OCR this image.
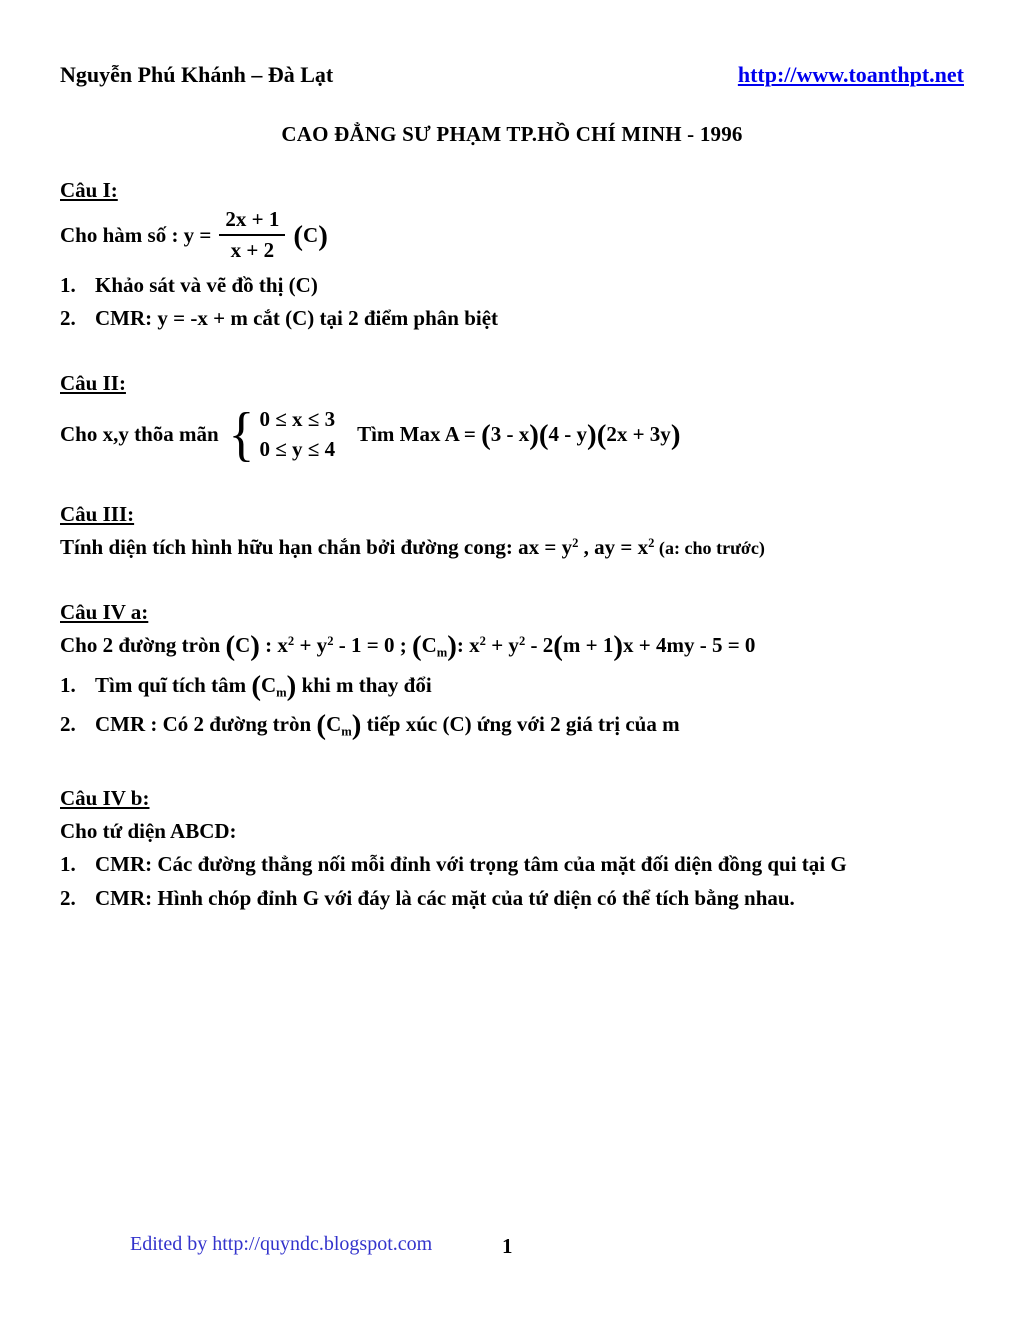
Nguyễn Phú Khánh – Đà Lạt	http://www.toanthpt.net
CAO ĐẲNG SƯ PHẠM TP.HỒ CHÍ MINH - 1996
Câu I:
Cho hàm số : $y = \frac{2x + 1}{x + 2} (C)$
1. Khảo sát và vẽ đồ thị (C)
2. CMR: y = -x + m cắt (C) tại 2 điểm phân biệt
Câu II:
Cho x,y thõa mãn { 0 ≤ x ≤ 3
0 ≤ y ≤ 4
Tìm Max A = (3 - x)(4 - y)(2x + 3y)
Câu III:
Tính diện tích hình hữu hạn chắn bởi đường cong: ax = $y^2$ , ay = $x^2$ (a: cho trước)
Câu IV a:
Cho 2 đường tròn (C) : $x^2 + y^2 - 1 = 0$ ; $(C_m)$: $x^2 + y^2 - 2(m + 1)x + 4my - 5 = 0$
1. Tìm quĩ tích tâm $(C_m)$ khi m thay đổi
2. CMR : Có 2 đường tròn $(C_m)$ tiếp xúc (C) ứng với 2 giá trị của m
Câu IV b:
Cho tứ diện ABCD:
1. CMR: Các đường thẳng nối mỗi đỉnh với trọng tâm của mặt đối diện đồng qui tại G
2. CMR: Hình chóp đỉnh G với đáy là các mặt của tứ diện có thể tích bằng nhau.
Edited by http://quyndc.blogspot.com	1
